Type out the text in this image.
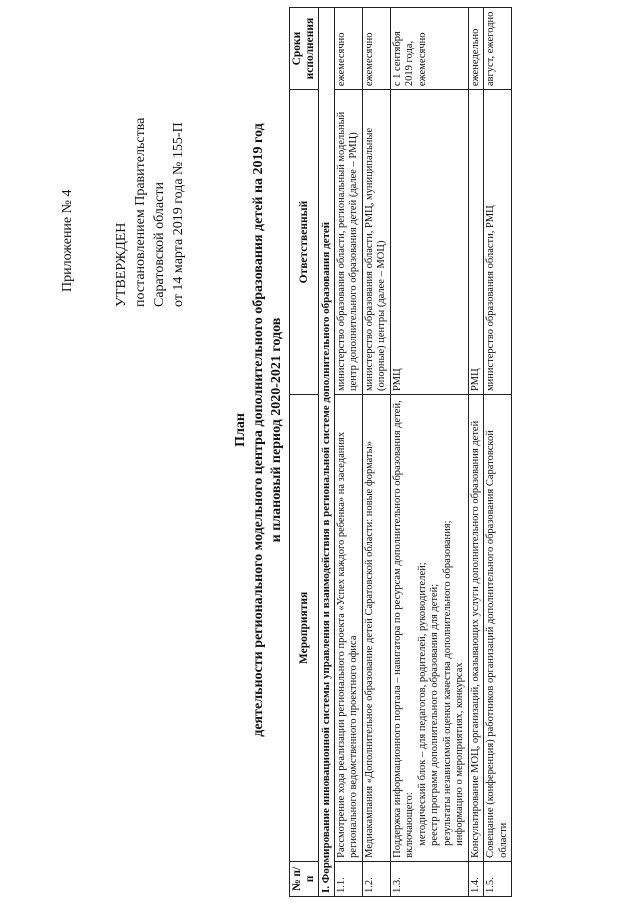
Приложение № 4	УТВЕРЖДЕН постановлением Правительства Саратовской области от 14 марта 2019 года № 155-П
План деятельности регионального модельного центра дополнительного образования детей на 2019 год и плановый период 2020-2021 годов
№ п/п	Мероприятия	Ответственный	Сроки исполнения
I. Формирование инновационной системы управления и взаимодействия в региональной системе дополнительного образования детей			
1.1.	Рассмотрение хода реализации регионального проекта «Успех каждого ребенка» на заседаниях регионального ведомственного проектного офиса	министерство образования области, региональный модельный центр дополнительного образования детей (далее – РМЦ)	ежемесячно
1.2.	Медиакампания «Дополнительное образование детей Саратовской области: новые форматы»	министерство образования области, РМЦ, муниципальные (опорные) центры (далее – МОЦ)	ежемесячно
1.3.	Поддержка информационного портала – навигатора по ресурсам дополнительного образования детей, включающего: методический блок – для педагогов, родителей, руководителей; реестр программ дополнительного образования для детей; результаты независимой оценки качества дополнительного образования; информацию о мероприятиях, конкурсах	РМЦ	с 1 сентября 2019 года, ежемесячно
1.4.	Консультирование МОЦ, организаций, оказывающих услуги дополнительного образования детей	РМЦ	еженедельно
1.5.	Совещание (конференция) работников организаций дополнительного образования Саратовской области	министерство образования области, РМЦ	август, ежегодно
